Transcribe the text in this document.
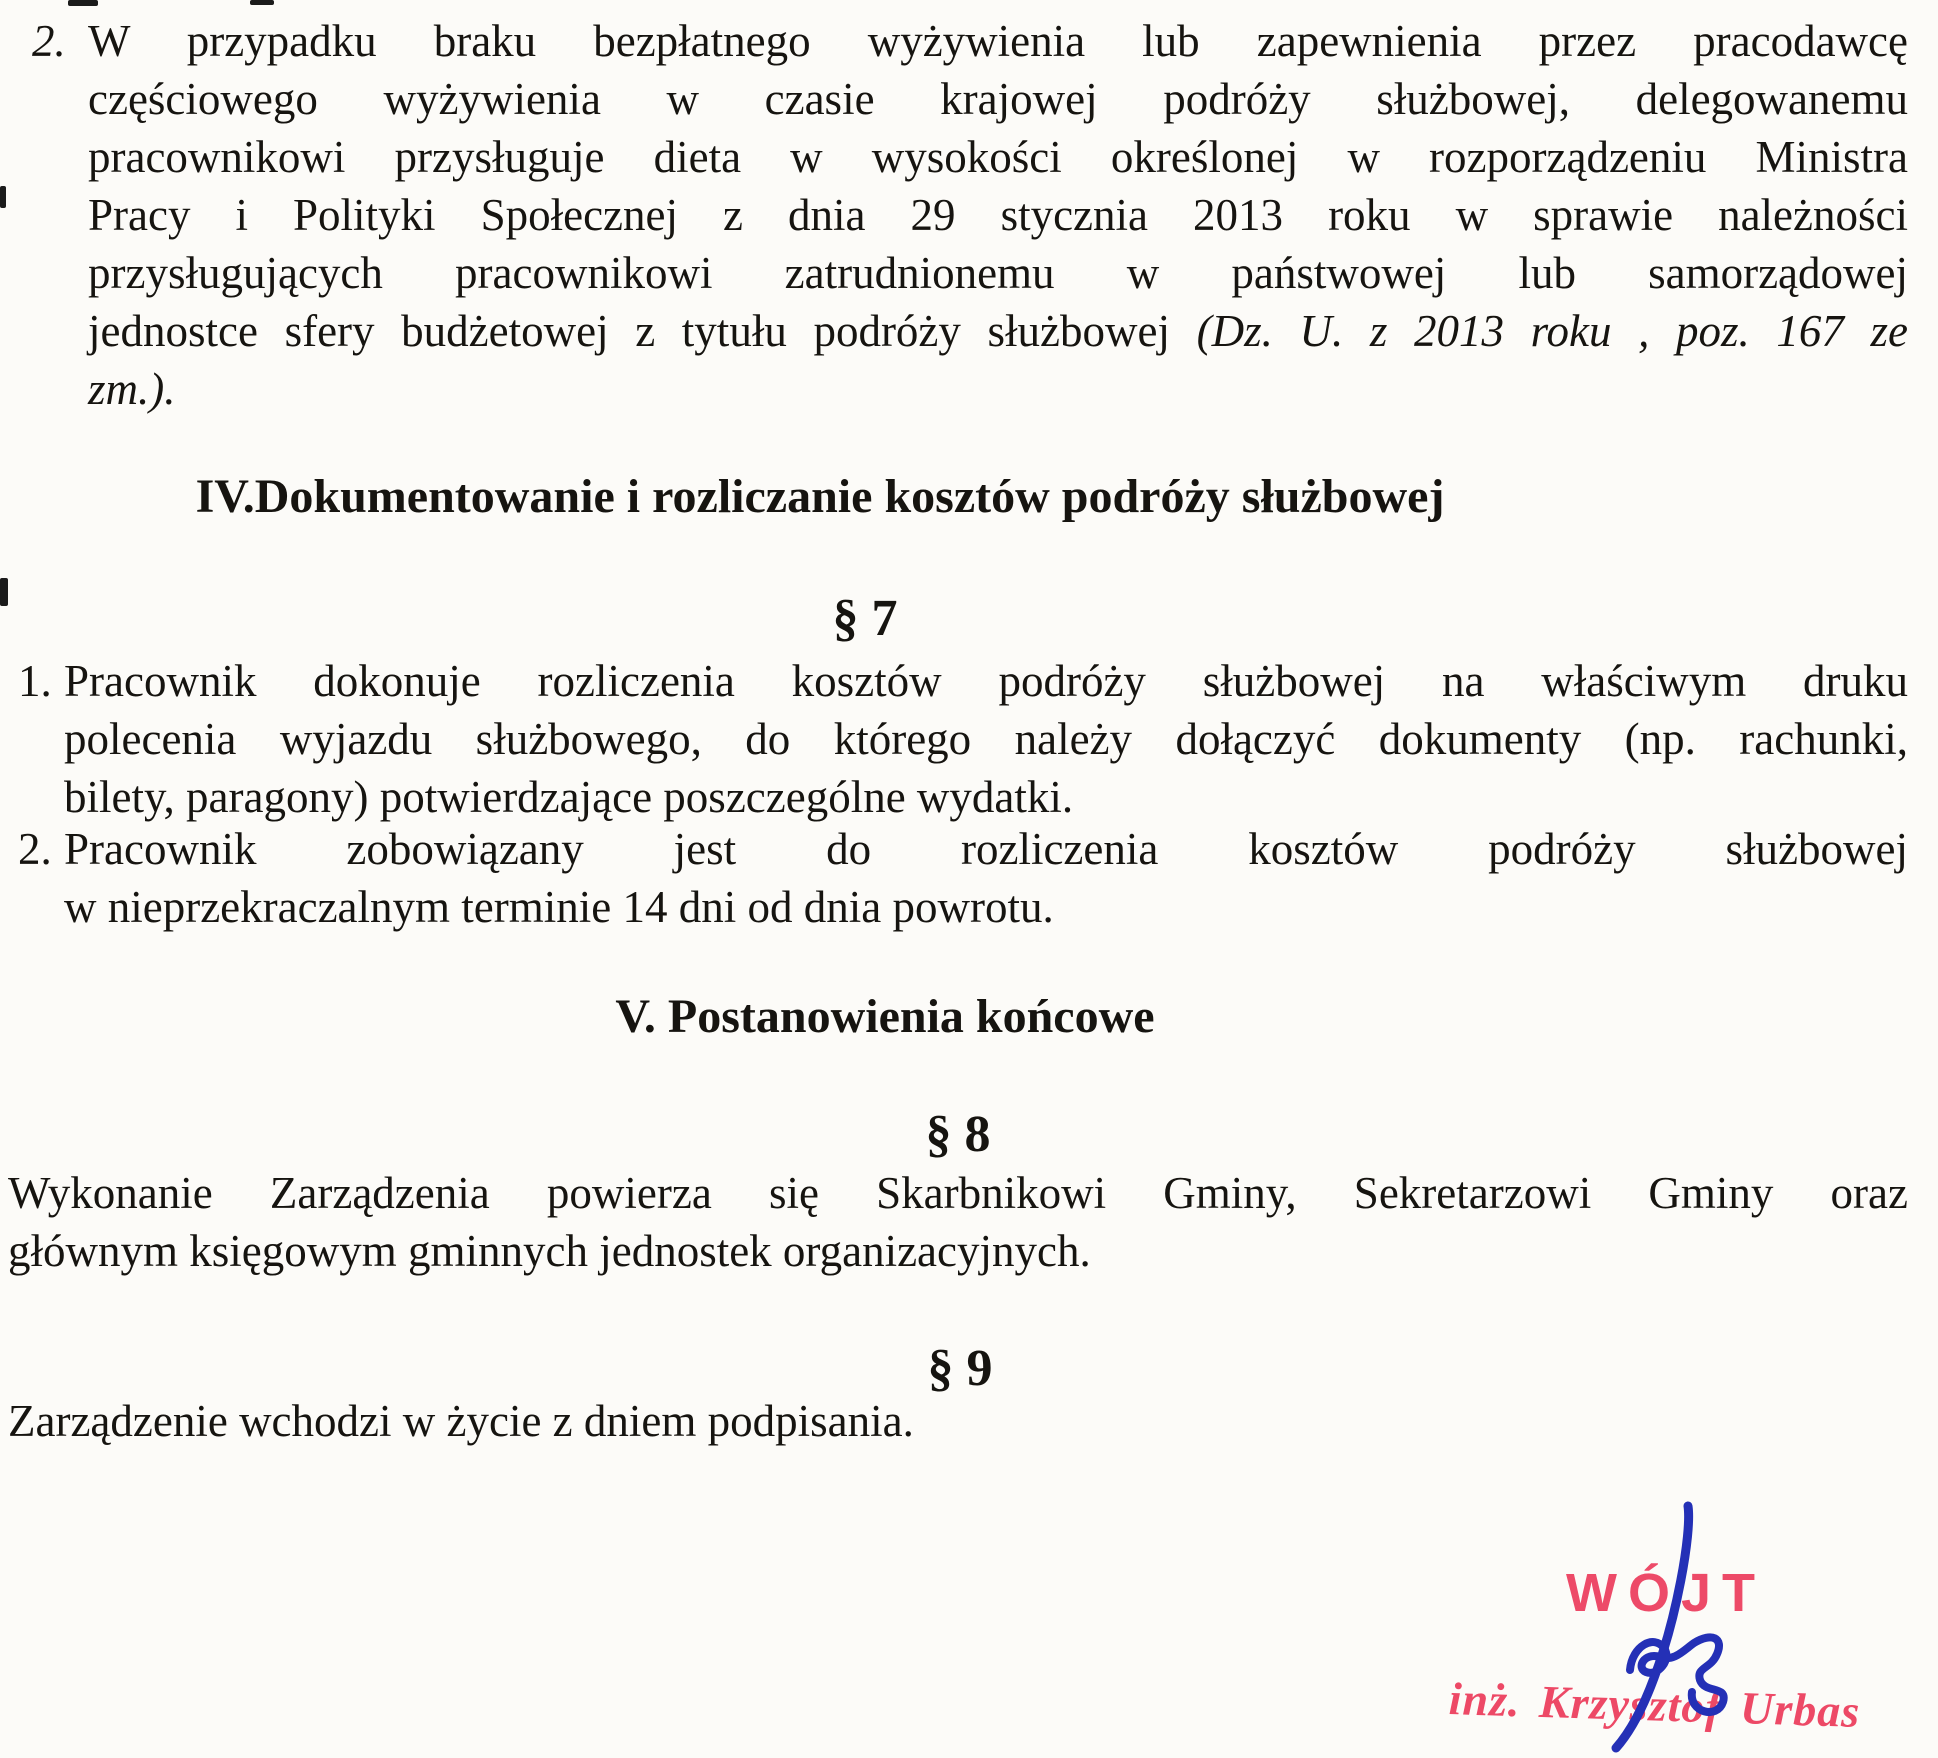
2. W przypadku braku bezpłatnego wyżywienia lub zapewnienia przez pracodawcę
częściowego wyżywienia w czasie krajowej podróży służbowej, delegowanemu
pracownikowi przysługuje dieta w wysokości określonej w rozporządzeniu Ministra
Pracy i Polityki Społecznej z dnia 29 stycznia 2013 roku w sprawie należności
przysługujących pracownikowi zatrudnionemu w państwowej lub samorządowej
jednostce sfery budżetowej z tytułu podróży służbowej (Dz. U. z 2013 roku , poz. 167 ze
zm.).
IV.Dokumentowanie i rozliczanie kosztów podróży służbowej
§ 7
1. Pracownik dokonuje rozliczenia kosztów podróży służbowej na właściwym druku
polecenia wyjazdu służbowego, do którego należy dołączyć dokumenty (np. rachunki,
bilety, paragony) potwierdzające poszczególne wydatki.
2. Pracownik zobowiązany jest do rozliczenia kosztów podróży służbowej
w nieprzekraczalnym terminie 14 dni od dnia powrotu.
V. Postanowienia końcowe
§ 8
Wykonanie Zarządzenia powierza się Skarbnikowi Gminy, Sekretarzowi Gminy oraz
głównym księgowym gminnych jednostek organizacyjnych.
§ 9
Zarządzenie wchodzi w życie z dniem podpisania.
WÓJT
inż. Krzysztof Urbas
